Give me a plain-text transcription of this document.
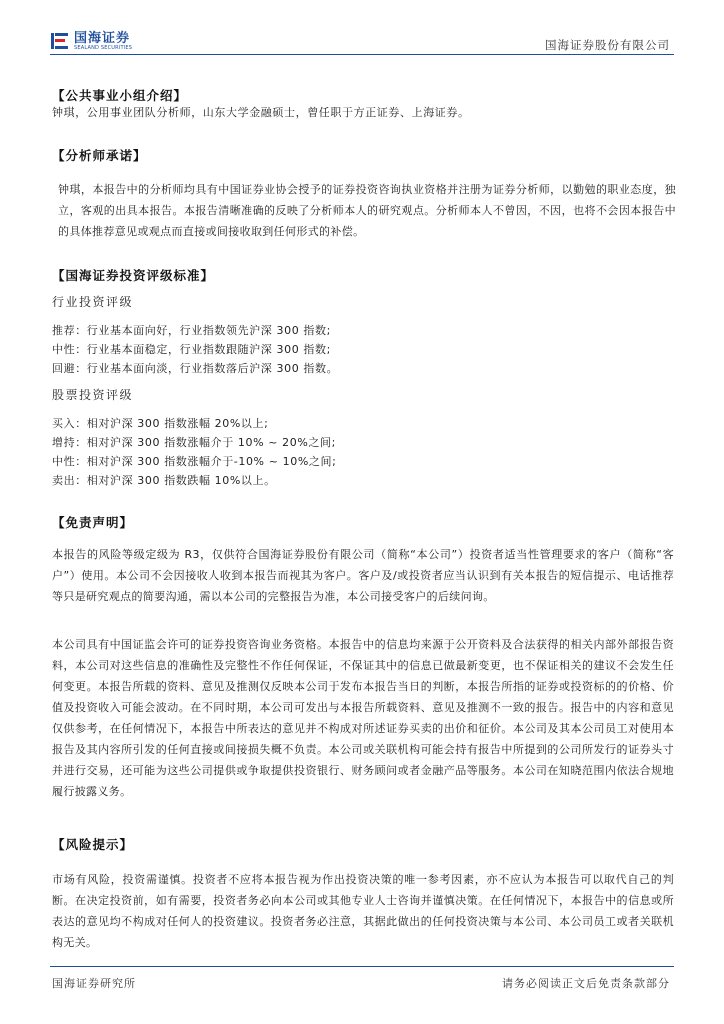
国海证券
SEALAND SECURITIES	国海证券股份有限公司
【公共事业小组介绍】
钟琪，公用事业团队分析师，山东大学金融硕士，曾任职于方正证券、上海证券。
【分析师承诺】
钟琪，本报告中的分析师均具有中国证券业协会授予的证券投资咨询执业资格并注册为证券分析师，以勤勉的职业态度，独立，客观的出具本报告。本报告清晰准确的反映了分析师本人的研究观点。分析师本人不曾因，不因，也将不会因本报告中的具体推荐意见或观点而直接或间接收取到任何形式的补偿。
【国海证券投资评级标准】
行业投资评级
推荐：行业基本面向好，行业指数领先沪深 300 指数;
中性：行业基本面稳定，行业指数跟随沪深 300 指数;
回避：行业基本面向淡，行业指数落后沪深 300 指数。
股票投资评级
买入：相对沪深 300 指数涨幅 20%以上;
增持：相对沪深 300 指数涨幅介于 10% ~ 20%之间;
中性：相对沪深 300 指数涨幅介于-10% ~ 10%之间;
卖出：相对沪深 300 指数跌幅 10%以上。
【免责声明】
本报告的风险等级定级为 R3，仅供符合国海证券股份有限公司（简称“本公司”）投资者适当性管理要求的客户（简称“客户”）使用。本公司不会因接收人收到本报告而视其为客户。客户及/或投资者应当认识到有关本报告的短信提示、电话推荐等只是研究观点的简要沟通，需以本公司的完整报告为准，本公司接受客户的后续问询。
本公司具有中国证监会许可的证券投资咨询业务资格。本报告中的信息均来源于公开资料及合法获得的相关内部外部报告资料，本公司对这些信息的准确性及完整性不作任何保证，不保证其中的信息已做最新变更，也不保证相关的建议不会发生任何变更。本报告所载的资料、意见及推测仅反映本公司于发布本报告当日的判断，本报告所指的证券或投资标的的价格、价值及投资收入可能会波动。在不同时期，本公司可发出与本报告所载资料、意见及推测不一致的报告。报告中的内容和意见仅供参考，在任何情况下，本报告中所表达的意见并不构成对所述证券买卖的出价和征价。本公司及其本公司员工对使用本报告及其内容所引发的任何直接或间接损失概不负责。本公司或关联机构可能会持有报告中所提到的公司所发行的证券头寸并进行交易，还可能为这些公司提供或争取提供投资银行、财务顾问或者金融产品等服务。本公司在知晓范围内依法合规地履行披露义务。
【风险提示】
市场有风险，投资需谨慎。投资者不应将本报告视为作出投资决策的唯一参考因素，亦不应认为本报告可以取代自己的判断。在决定投资前，如有需要，投资者务必向本公司或其他专业人士咨询并谨慎决策。在任何情况下，本报告中的信息或所表达的意见均不构成对任何人的投资建议。投资者务必注意，其据此做出的任何投资决策与本公司、本公司员工或者关联机构无关。
国海证券研究所	请务必阅读正文后免责条款部分
